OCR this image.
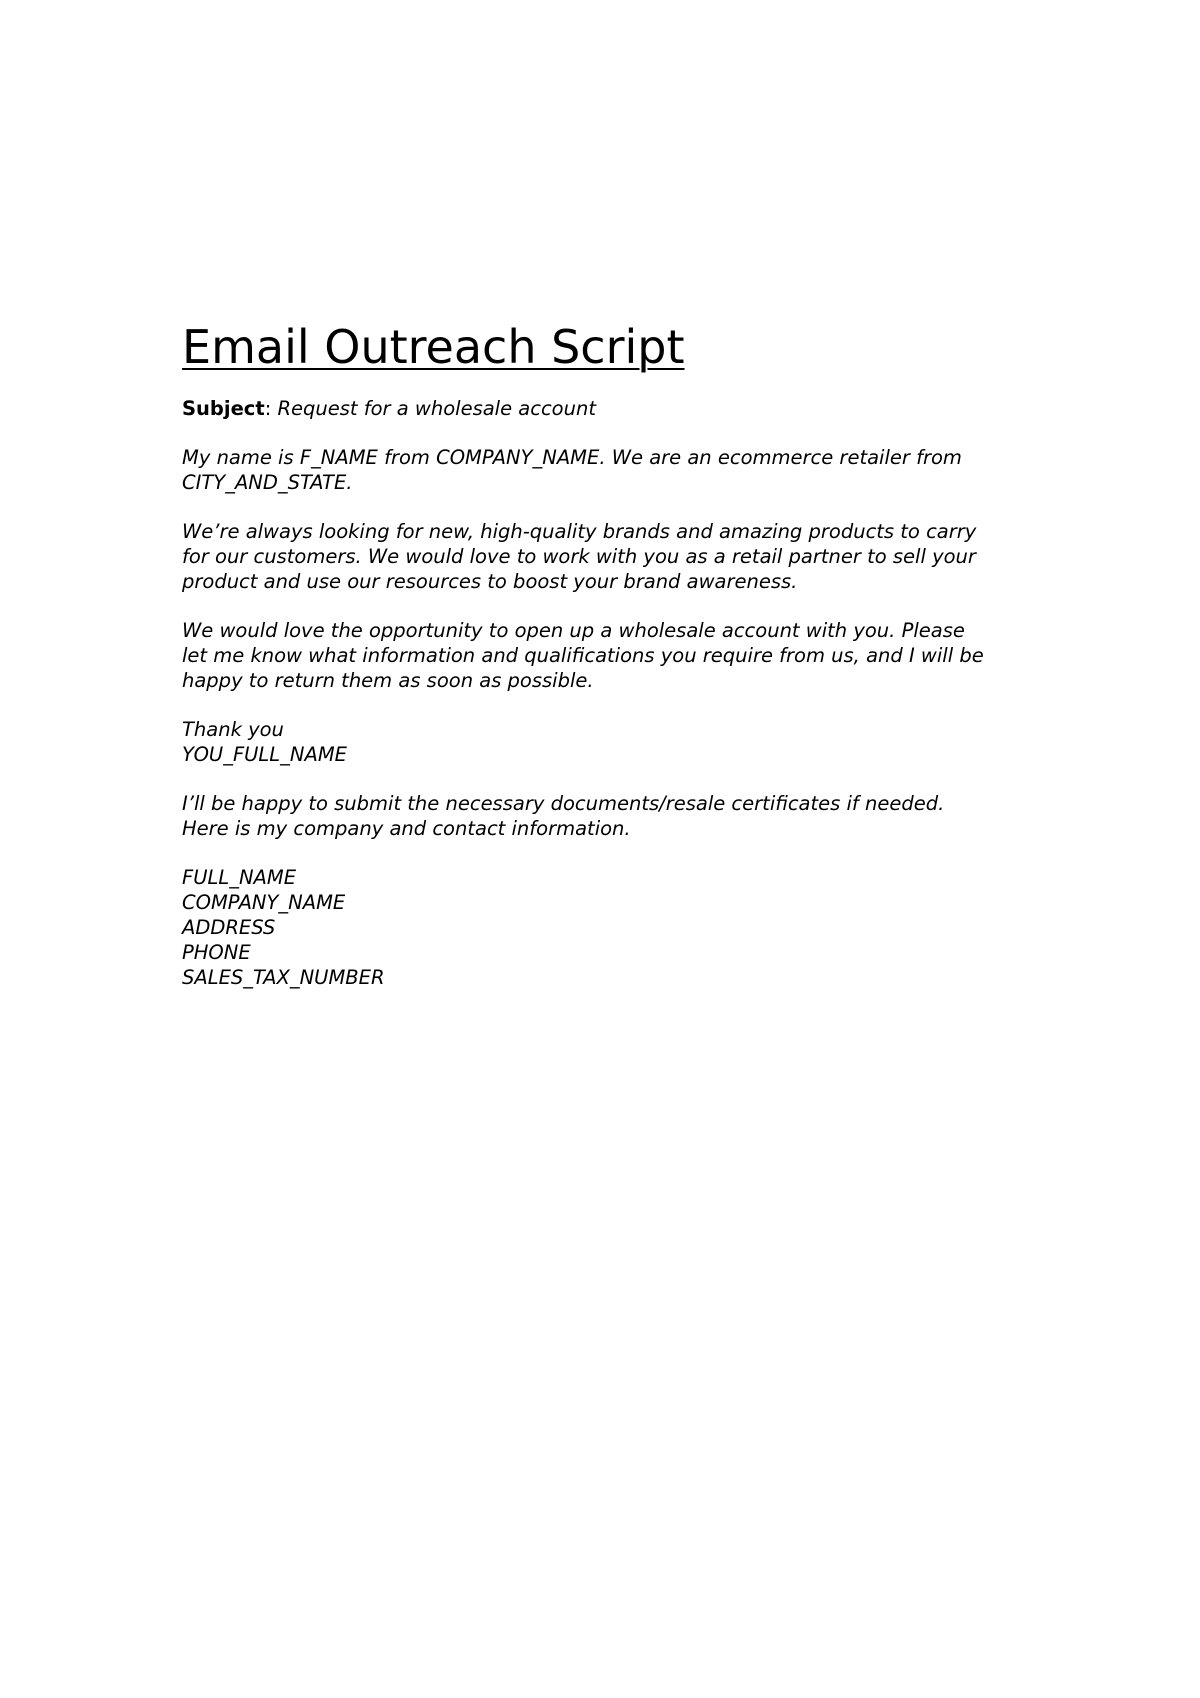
Email Outreach Script

Subject: Request for a wholesale account

My name is F_NAME from COMPANY_NAME. We are an ecommerce retailer from

CITY_AND_STATE.

We’re always looking for new, high-quality brands and amazing products to carry

for our customers. We would love to work with you as a retail partner to sell your

product and use our resources to boost your brand awareness.

We would love the opportunity to open up a wholesale account with you. Please

let me know what information and qualifications you require from us, and I will be

happy to return them as soon as possible.

Thank you

YOU_FULL_NAME

I’ll be happy to submit the necessary documents/resale certificates if needed.

Here is my company and contact information.

FULL_NAME

COMPANY_NAME

ADDRESS

PHONE

SALES_TAX_NUMBER
